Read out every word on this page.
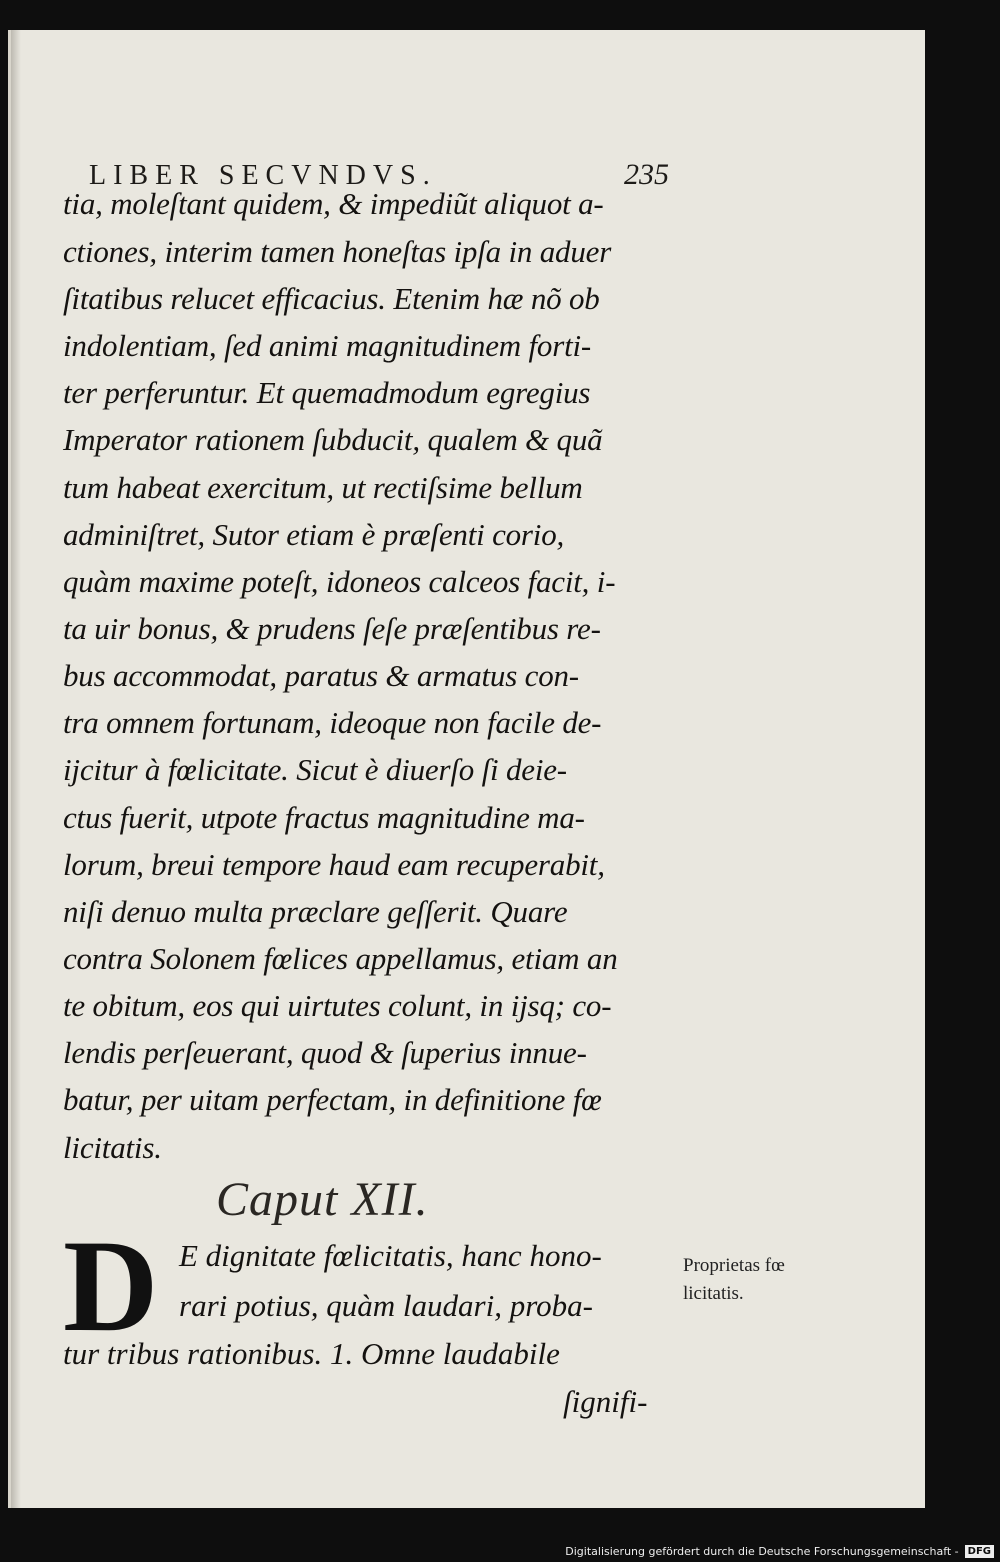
LIBER SECVNDVS.	235
tia, moleſtant quidem, & impediũt aliquot a-
ctiones, interim tamen honeſtas ipſa in aduer
ſitatibus relucet efficacius. Etenim hæ nõ ob
indolentiam, ſed animi magnitudinem forti-
ter perferuntur. Et quemadmodum egregius
Imperator rationem ſubducit, qualem & quã
tum habeat exercitum, ut rectiſsime bellum
adminiſtret, Sutor etiam è præſenti corio,
quàm maxime poteſt, idoneos calceos facit, i-
ta uir bonus, & prudens ſeſe præſentibus re-
bus accommodat, paratus & armatus con-
tra omnem fortunam, ideoque non facile de-
ijcitur à fœlicitate. Sicut è diuerſo ſi deie-
ctus fuerit, utpote fractus magnitudine ma-
lorum, breui tempore haud eam recuperabit,
niſi denuo multa præclare geſſerit. Quare
contra Solonem fœlices appellamus, etiam an
te obitum, eos qui uirtutes colunt, in ijsq; co-
lendis perſeuerant, quod & ſuperius innue-
batur, per uitam perfectam, in definitione fœ
licitatis.
Caput XII.
D E dignitate fœlicitatis, hanc hono-
rari potius, quàm laudari, proba-
tur tribus rationibus. 1. Omne laudabile
ſignifi-
Proprietas fœ
licitatis.
Digitalisierung gefördert durch die Deutsche Forschungsgemeinschaft - DFG
